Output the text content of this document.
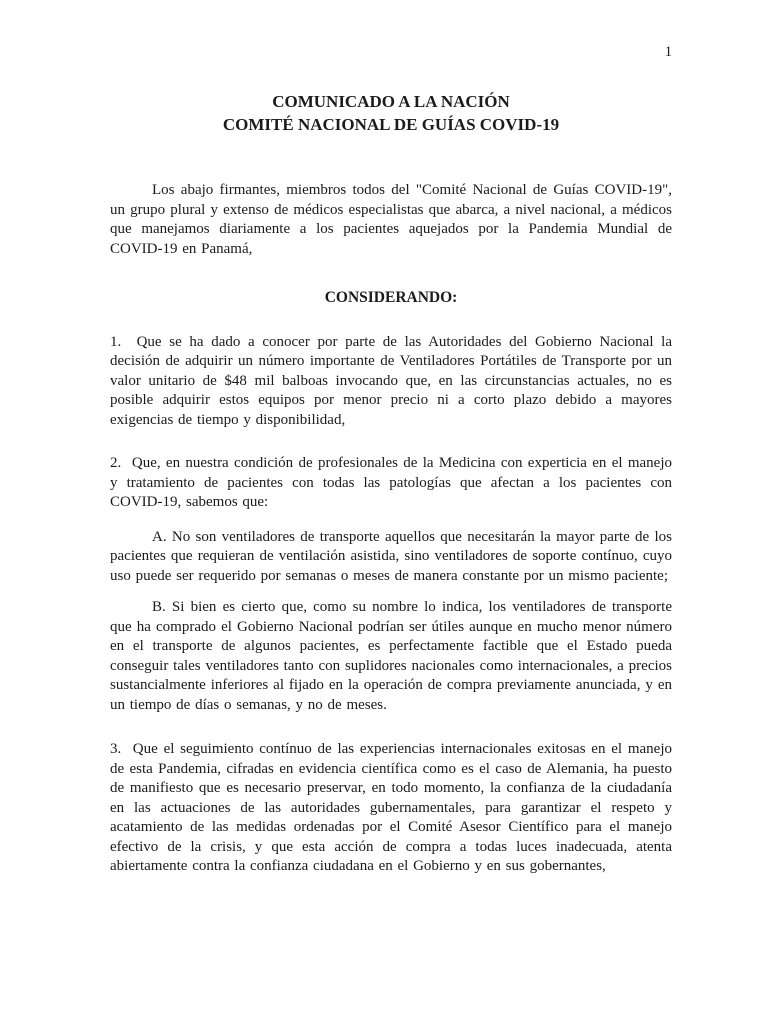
1
COMUNICADO A LA NACIÓN
COMITÉ NACIONAL DE GUÍAS COVID-19

Los abajo firmantes, miembros todos del "Comité Nacional de Guías COVID-19", un grupo plural y extenso de médicos especialistas que abarca, a nivel nacional, a médicos que manejamos diariamente a los pacientes aquejados por la Pandemia Mundial de COVID-19 en Panamá,

CONSIDERANDO:

1.  Que se ha dado a conocer por parte de las Autoridades del Gobierno Nacional la decisión de adquirir un número importante de Ventiladores Portátiles de Transporte por un valor unitario de $48 mil balboas invocando que, en las circunstancias actuales, no es posible adquirir estos equipos por menor precio ni a corto plazo debido a mayores exigencias de tiempo y disponibilidad,

2.  Que, en nuestra condición de profesionales de la Medicina con experticia en el manejo y tratamiento de pacientes con todas las patologías que afectan a los pacientes con COVID-19, sabemos que:

A. No son ventiladores de transporte aquellos que necesitarán la mayor parte de los pacientes que requieran de ventilación asistida, sino ventiladores de soporte contínuo, cuyo uso puede ser requerido por semanas o meses de manera constante por un mismo paciente;

B. Si bien es cierto que, como su nombre lo indica, los ventiladores de transporte que ha comprado el Gobierno Nacional podrían ser útiles aunque en mucho menor número en el transporte de algunos pacientes, es perfectamente factible que el Estado pueda conseguir tales ventiladores tanto con suplidores nacionales como internacionales, a precios sustancialmente inferiores al fijado en la operación de compra previamente anunciada, y en un tiempo de días o semanas, y no de meses.

3.  Que el seguimiento contínuo de las experiencias internacionales exitosas en el manejo de esta Pandemia, cifradas en evidencia científica como es el caso de Alemania, ha puesto de manifiesto que es necesario preservar, en todo momento, la confianza de la ciudadanía en las actuaciones de las autoridades gubernamentales, para garantizar el respeto y acatamiento de las medidas ordenadas por el Comité Asesor Científico para el manejo efectivo de la crisis, y que esta acción de compra a todas luces inadecuada, atenta abiertamente contra la confianza ciudadana en el Gobierno y en sus gobernantes,
